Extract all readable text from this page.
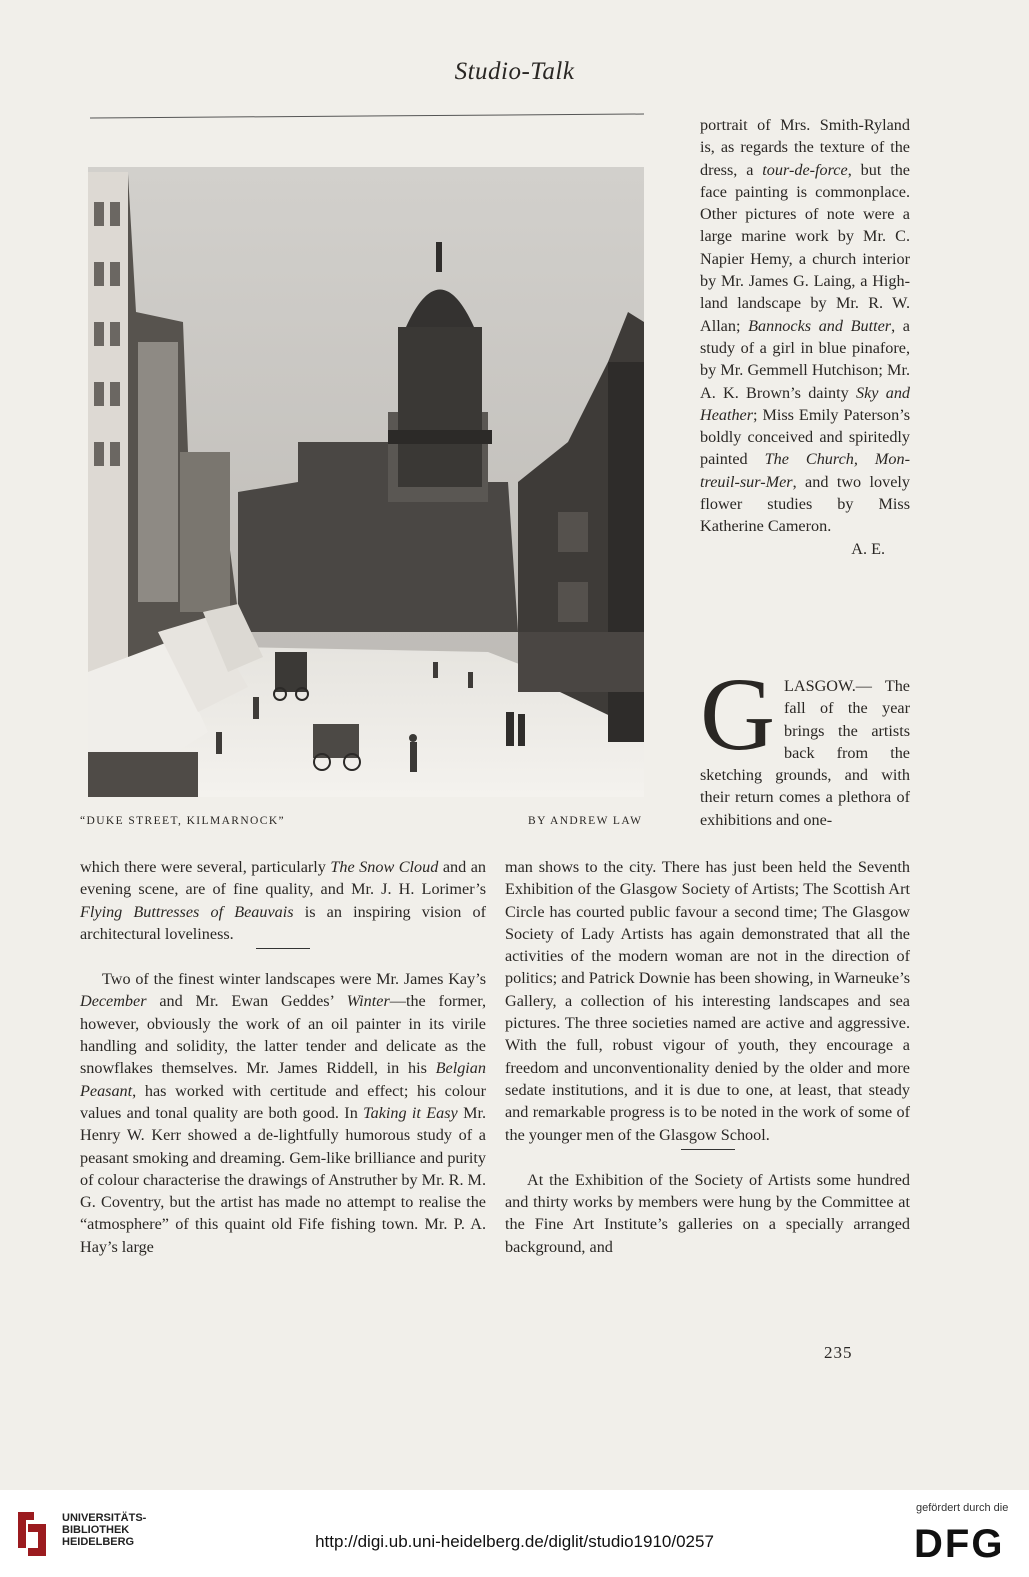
Studio-Talk
“DUKE STREET, KILMARNOCK”	BY ANDREW LAW

portrait of Mrs. Smith-Ryland is, as regards the texture of the dress, a tour-de-force, but the face painting is commonplace. Other pictures of note were a large marine work by Mr. C. Napier Hemy, a church interior by Mr. James G. Laing, a High-land landscape by Mr. R. W. Allan; Bannocks and Butter, a study of a girl in blue pinafore, by Mr. Gemmell Hutchison; Mr. A. K. Brown’s dainty Sky and Heather; Miss Emily Paterson’s boldly conceived and spiritedly painted The Church, Mon-treuil-sur-Mer, and two lovely flower studies by Miss Katherine Cameron.

A. E.

G LASGOW.— The fall of the year brings the artists back from the sketching grounds, and with their return comes a plethora of exhibitions and one-

which there were several, particularly The Snow Cloud and an evening scene, are of fine quality, and Mr. J. H. Lorimer’s Flying Buttresses of Beauvais is an inspiring vision of architectural loveliness.

Two of the finest winter landscapes were Mr. James Kay’s December and Mr. Ewan Geddes’ Winter—the former, however, obviously the work of an oil painter in its virile handling and solidity, the latter tender and delicate as the snowflakes themselves. Mr. James Riddell, in his Belgian Peasant, has worked with certitude and effect; his colour values and tonal quality are both good. In Taking it Easy Mr. Henry W. Kerr showed a de-lightfully humorous study of a peasant smoking and dreaming. Gem-like brilliance and purity of colour characterise the drawings of Anstruther by Mr. R. M. G. Coventry, but the artist has made no attempt to realise the “atmosphere” of this quaint old Fife fishing town. Mr. P. A. Hay’s large

man shows to the city. There has just been held the Seventh Exhibition of the Glasgow Society of Artists; The Scottish Art Circle has courted public favour a second time; The Glasgow Society of Lady Artists has again demonstrated that all the activities of the modern woman are not in the direction of politics; and Patrick Downie has been showing, in Warneuke’s Gallery, a collection of his interesting landscapes and sea pictures. The three societies named are active and aggressive. With the full, robust vigour of youth, they encourage a freedom and unconventionality denied by the older and more sedate institutions, and it is due to one, at least, that steady and remarkable progress is to be noted in the work of some of the younger men of the Glasgow School.

At the Exhibition of the Society of Artists some hundred and thirty works by members were hung by the Committee at the Fine Art Institute’s galleries on a specially arranged background, and

235
UNIVERSITÄTS-
BIBLIOTHEK
HEIDELBERG	http://digi.ub.uni-heidelberg.de/diglit/studio1910/0257
gefördert durch die
DFG
